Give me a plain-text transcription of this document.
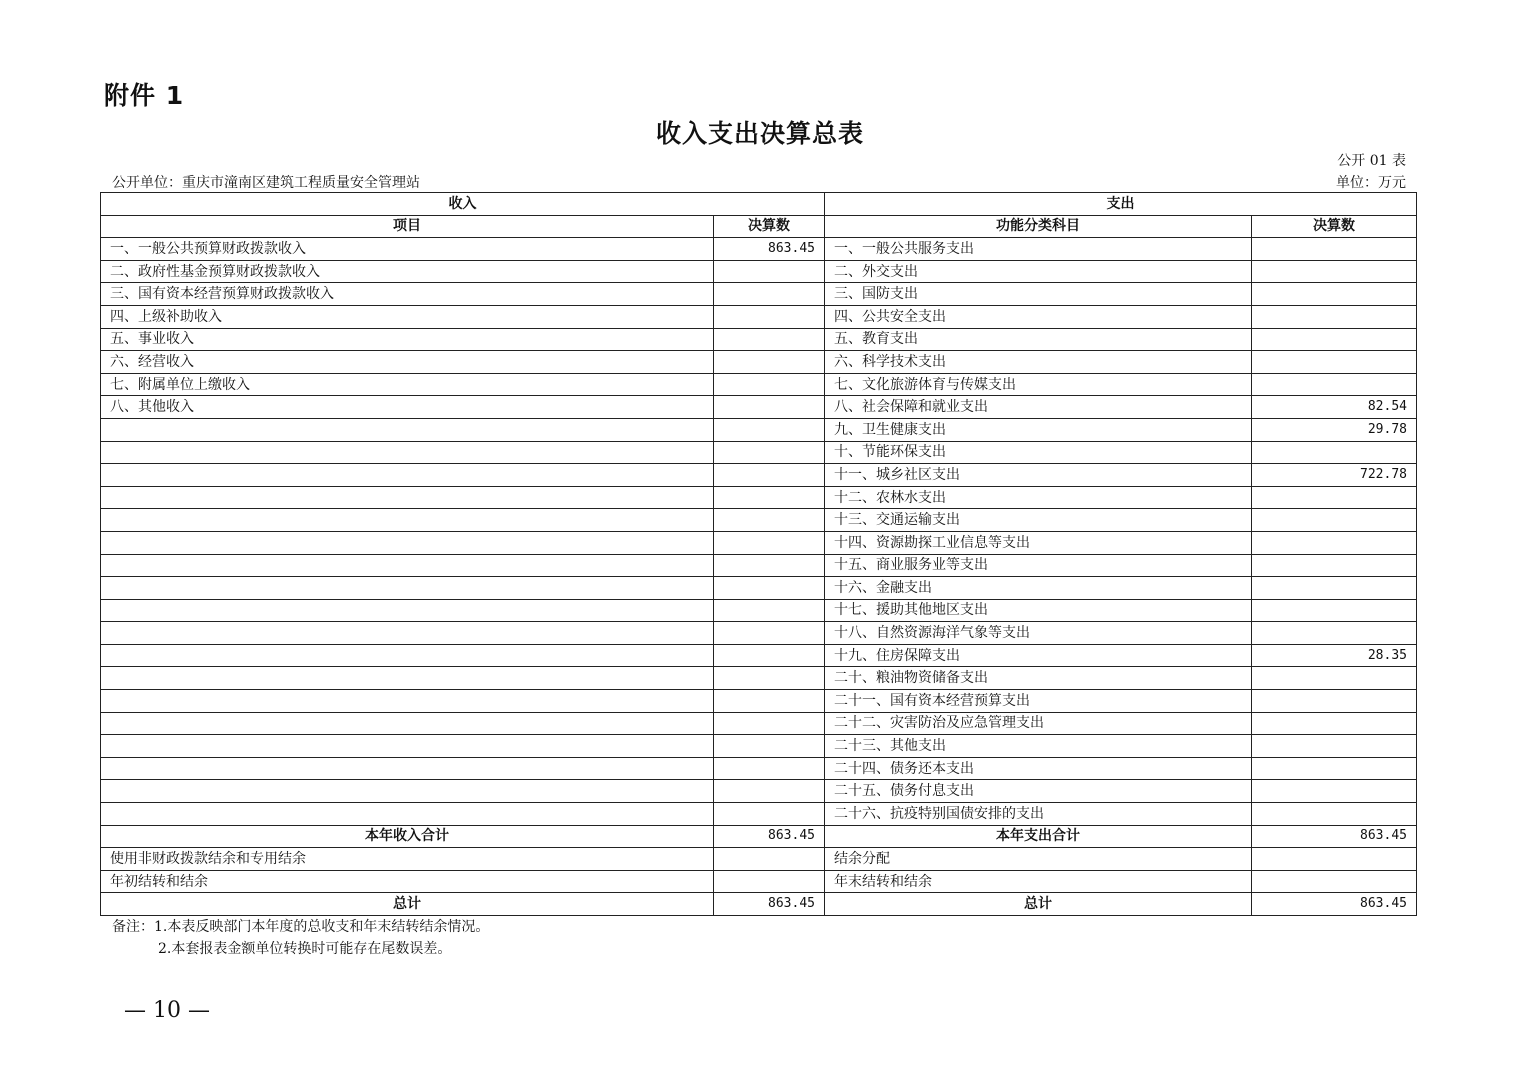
附件 1
收入支出决算总表
公开 01 表
公开单位：重庆市潼南区建筑工程质量安全管理站	单位：万元
收入		支出	
项目	决算数	功能分类科目	决算数
一、一般公共预算财政拨款收入	863.45	一、一般公共服务支出	
二、政府性基金预算财政拨款收入		二、外交支出	
三、国有资本经营预算财政拨款收入		三、国防支出	
四、上级补助收入		四、公共安全支出	
五、事业收入		五、教育支出	
六、经营收入		六、科学技术支出	
七、附属单位上缴收入		七、文化旅游体育与传媒支出	
八、其他收入		八、社会保障和就业支出	82.54
		九、卫生健康支出	29.78
		十、节能环保支出	
		十一、城乡社区支出	722.78
		十二、农林水支出	
		十三、交通运输支出	
		十四、资源勘探工业信息等支出	
		十五、商业服务业等支出	
		十六、金融支出	
		十七、援助其他地区支出	
		十八、自然资源海洋气象等支出	
		十九、住房保障支出	28.35
		二十、粮油物资储备支出	
		二十一、国有资本经营预算支出	
		二十二、灾害防治及应急管理支出	
		二十三、其他支出	
		二十四、债务还本支出	
		二十五、债务付息支出	
		二十六、抗疫特别国债安排的支出	
本年收入合计	863.45	本年支出合计	863.45
使用非财政拨款结余和专用结余		结余分配	
年初结转和结余		年末结转和结余	
总计	863.45	总计	863.45
备注：1.本表反映部门本年度的总收支和年末结转结余情况。
2.本套报表金额单位转换时可能存在尾数误差。
— 10 —
